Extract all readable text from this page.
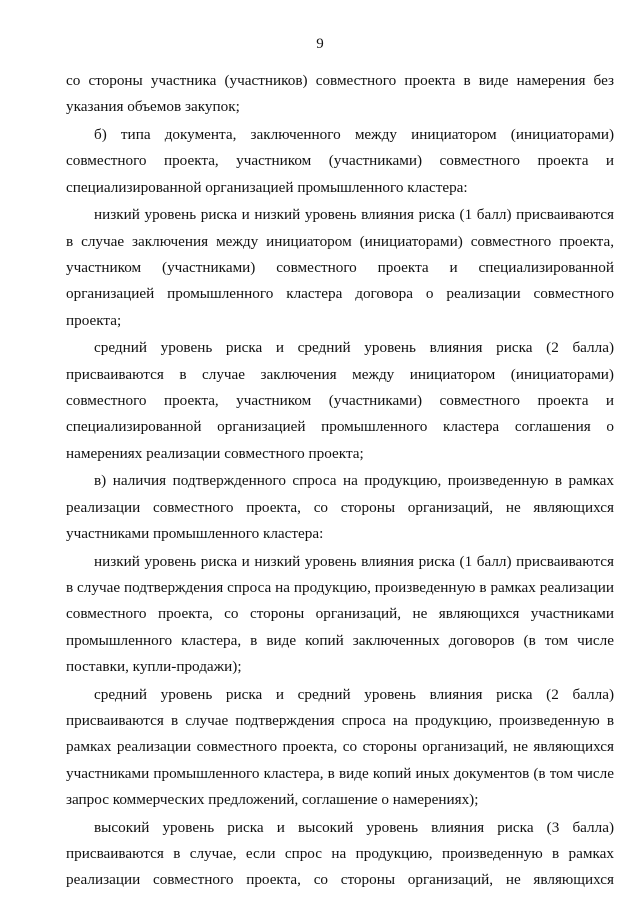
9

со стороны участника (участников) совместного проекта в виде намерения без указания объемов закупок;

б) типа документа, заключенного между инициатором (инициаторами) совместного проекта, участником (участниками) совместного проекта и специализированной организацией промышленного кластера:

низкий уровень риска и низкий уровень влияния риска (1 балл) присваиваются в случае заключения между инициатором (инициаторами) совместного проекта, участником (участниками) совместного проекта и специализированной организацией промышленного кластера договора о реализации совместного проекта;

средний уровень риска и средний уровень влияния риска (2 балла) присваиваются в случае заключения между инициатором (инициаторами) совместного проекта, участником (участниками) совместного проекта и специализированной организацией промышленного кластера соглашения о намерениях реализации совместного проекта;

в) наличия подтвержденного спроса на продукцию, произведенную в рамках реализации совместного проекта, со стороны организаций, не являющихся участниками промышленного кластера:

низкий уровень риска и низкий уровень влияния риска (1 балл) присваиваются в случае подтверждения спроса на продукцию, произведенную в рамках реализации совместного проекта, со стороны организаций, не являющихся участниками промышленного кластера, в виде копий заключенных договоров (в том числе поставки, купли-продажи);

средний уровень риска и средний уровень влияния риска (2 балла) присваиваются в случае подтверждения спроса на продукцию, произведенную в рамках реализации совместного проекта, со стороны организаций, не являющихся участниками промышленного кластера, в виде копий иных документов (в том числе запрос коммерческих предложений, соглашение о намерениях);

высокий уровень риска и высокий уровень влияния риска (3 балла) присваиваются в случае, если спрос на продукцию, произведенную в рамках реализации совместного проекта, со стороны организаций, не являющихся
